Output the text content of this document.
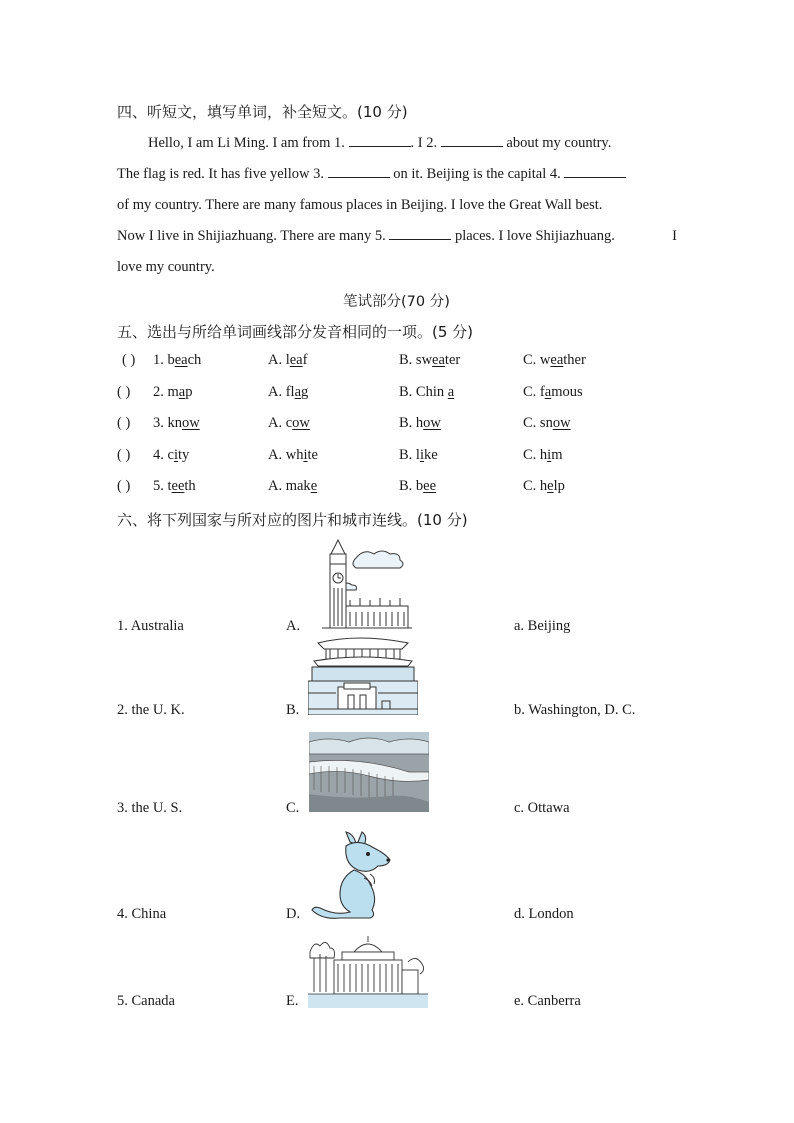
四、听短文，填写单词，补全短文。(10 分)

Hello, I am Li Ming. I am from 1.	. I 2.	about my country.

The flag is red. It has five yellow 3.	on it. Beijing is the capital 4.

of my country. There are many famous places in Beijing. I love the Great Wall best.

Now I live in Shijiazhuang. There are many 5.	places. I love Shijiazhuang.	I

love my country.

笔试部分(70 分)
五、选出与所给单词画线部分发音相同的一项。(5 分)
( ) 1. beach	A. leaf	B. sweater	C. weather
( ) 2. map	A. flag	B. Chin a	C. famous
( ) 3. know	A. cow	B. how	C. snow
( ) 4. city	A. white	B. like	C. him
( ) 5. teeth	A. make	B. bee	C. help
六、将下列国家与所对应的图片和城市连线。(10 分)
1. Australia	A.	a. Beijing
2. the U. K.	B.	b. Washington, D. C.
3. the U. S.	C.	c. Ottawa
4. China	D.	d. London
5. Canada	E.	e. Canberra
